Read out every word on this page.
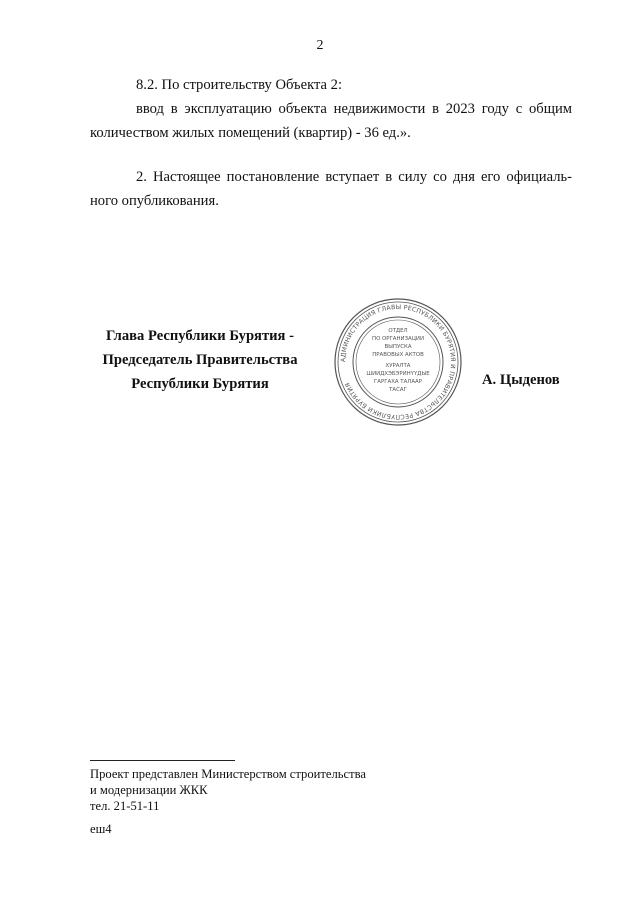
2

8.2. По строительству Объекта 2:
ввод в эксплуатацию объекта недвижимости в 2023 году с общим
количеством жилых помещений (квартир) - 36 ед.».

2. Настоящее постановление вступает в силу со дня его официаль-
ного опубликования.

Глава Республики Бурятия -
Председатель Правительства
Республики Бурятия
АДМИНИСТРАЦИЯ ГЛАВЫ РЕСПУБЛИКИ БУРЯТИЯ И ПРАВИТЕЛЬСТВА РЕСПУБЛИКИ БУРЯТИЯ
ОТДЕЛ
ПО ОРГАНИЗАЦИИ
ВЫПУСКА
ПРАВОВЫХ АКТОВ
ХУРАЛТА
ШИИДХЭБЭРИНҮҮДЫЕ
ГАРГАХА ТАЛААР
ТАСАГ
А. Цыденов
Проект представлен Министерством строительства
и модернизации ЖКК
тел. 21-51-11
еш4
